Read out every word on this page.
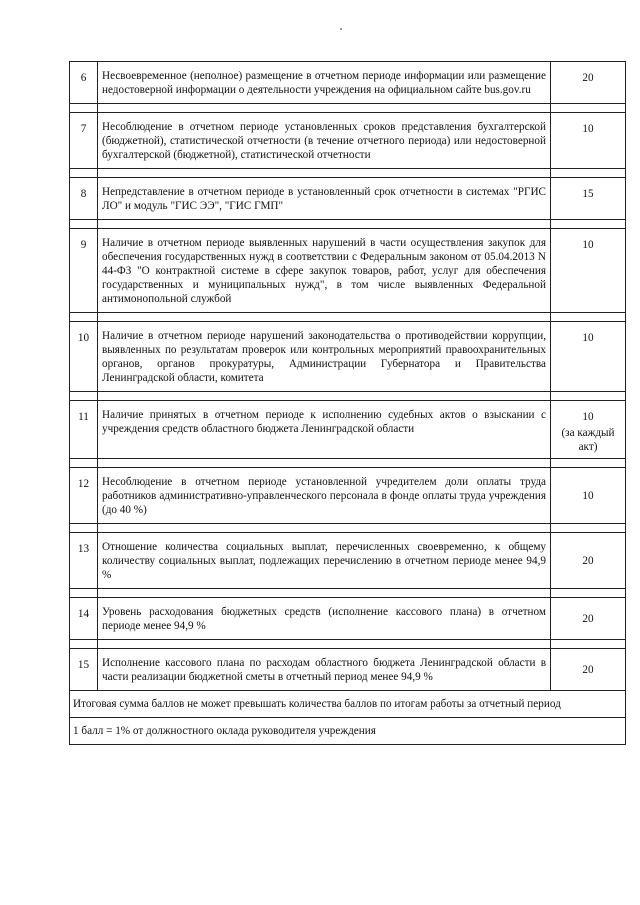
6	Несвоевременное (неполное) размещение в отчетном периоде информации или размещение недостоверной информации о деятельности учреждения на официальном сайте bus.gov.ru	20

7	Несоблюдение в отчетном периоде установленных сроков представления бухгалтерской (бюджетной), статистической отчетности (в течение отчетного периода) или недостоверной бухгалтерской (бюджетной), статистической отчетности	10

8	Непредставление в отчетном периоде в установленный срок отчетности в системах "РГИС ЛО" и модуль "ГИС ЭЭ", "ГИС ГМП"	15

9	Наличие в отчетном периоде выявленных нарушений в части осуществления закупок для обеспечения государственных нужд в соответствии с Федеральным законом от 05.04.2013 N 44-ФЗ "О контрактной системе в сфере закупок товаров, работ, услуг для обеспечения государственных и муниципальных нужд", в том числе выявленных Федеральной антимонопольной службой	10

10	Наличие в отчетном периоде нарушений законодательства о противодействии коррупции, выявленных по результатам проверок или контрольных мероприятий правоохранительных органов, органов прокуратуры, Администрации Губернатора и Правительства Ленинградской области, комитета	10

11	Наличие принятых в отчетном периоде к исполнению судебных актов о взыскании с учреждения средств областного бюджета Ленинградской области	10
(за каждый акт)

12	Несоблюдение в отчетном периоде установленной учредителем доли оплаты труда работников административно-управленческого персонала в фонде оплаты труда учреждения (до 40 %)	10

13	Отношение количества социальных выплат, перечисленных своевременно, к общему количеству социальных выплат, подлежащих перечислению в отчетном периоде менее 94,9 %	20

14	Уровень расходования бюджетных средств (исполнение кассового плана) в отчетном периоде менее 94,9 %	20

15	Исполнение кассового плана по расходам областного бюджета Ленинградской области в части реализации бюджетной сметы в отчетный период менее 94,9 %	20
Итоговая сумма баллов не может превышать количества баллов по итогам работы за отчетный период		
1 балл = 1% от должностного оклада руководителя учреждения		
